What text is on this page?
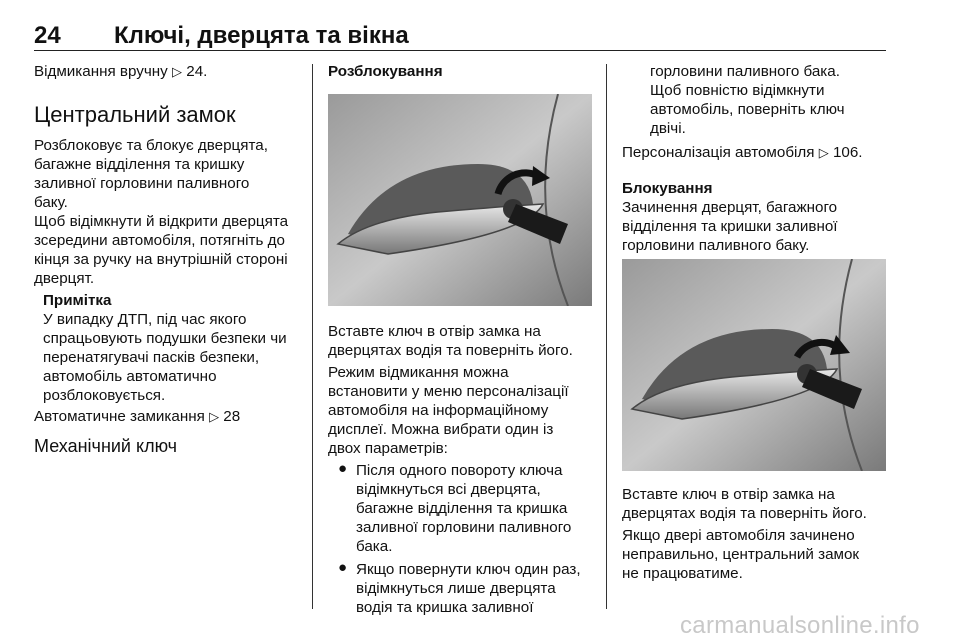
24 Ключі, дверцята та вікна
Відмикання вручну ▷ 24.
Центральний замок
Розблоковує та блокує дверцята,
багажне відділення та кришку
заливної горловини паливного
баку.
Щоб відімкнути й відкрити дверцята
зсередини автомобіля, потягніть до
кінця за ручку на внутрішній стороні
дверцят.
Примітка
У випадку ДТП, під час якого
спрацьовують подушки безпеки чи
перенатягувачі пасків безпеки,
автомобіль автоматично
розблоковується.
Автоматичне замикання ▷ 28
Механічний ключ
Розблокування
Вставте ключ в отвір замка на
дверцятах водія та поверніть його.
Режим відмикання можна
встановити у меню персоналізації
автомобіля на інформаційному
дисплеї. Можна вибрати один із
двох параметрів:
● Після одного повороту ключа
відімкнуться всі дверцята,
багажне відділення та кришка
заливної горловини паливного
бака.
● Якщо повернути ключ один раз,
відімкнуться лише дверцята
водія та кришка заливної
горловини паливного бака.
Щоб повністю відімкнути
автомобіль, поверніть ключ
двічі.
Персоналізація автомобіля ▷ 106.
Блокування
Зачинення дверцят, багажного
відділення та кришки заливної
горловини паливного баку.
Вставте ключ в отвір замка на
дверцятах водія та поверніть його.
Якщо двері автомобіля зачинено
неправильно, центральний замок
не працюватиме.
carmanualsonline.info
